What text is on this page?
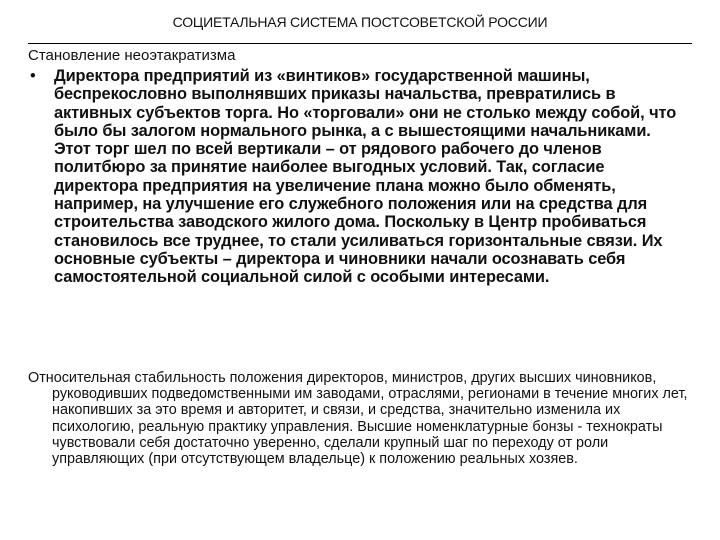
СОЦИЕТАЛЬНАЯ СИСТЕМА ПОСТСОВЕТСКОЙ РОССИИ
Становление неоэтакратизма
•	Директора предприятий из «винтиков» государственной машины, беспрекословно выполнявших приказы начальства, превратились в активных субъектов торга. Но «торговали» они не столько между собой, что было бы залогом нормального рынка, а с вышестоящими начальниками. Этот торг шел по всей вертикали – от рядового рабочего до членов политбюро за принятие наиболее выгодных условий. Так, согласие директора предприятия на увеличение плана можно было обменять, например, на улучшение его служебного положения или на средства для строительства заводского жилого дома. Поскольку в Центр пробиваться становилось все труднее, то стали усиливаться горизонтальные связи. Их основные субъекты – директора и чиновники начали осознавать себя самостоятельной социальной силой с особыми интересами.
Относительная стабильность положения директоров, министров, других высших чиновников, руководивших подведомственными им заводами, отраслями, регионами в течение многих лет, накопивших за это время и авторитет, и связи, и средства, значительно изменила их психологию, реальную практику управления. Высшие номенклатурные бонзы - технократы чувствовали себя достаточно уверенно, сделали крупный шаг по переходу от роли управляющих (при отсутствующем владельце) к положению реальных хозяев.
